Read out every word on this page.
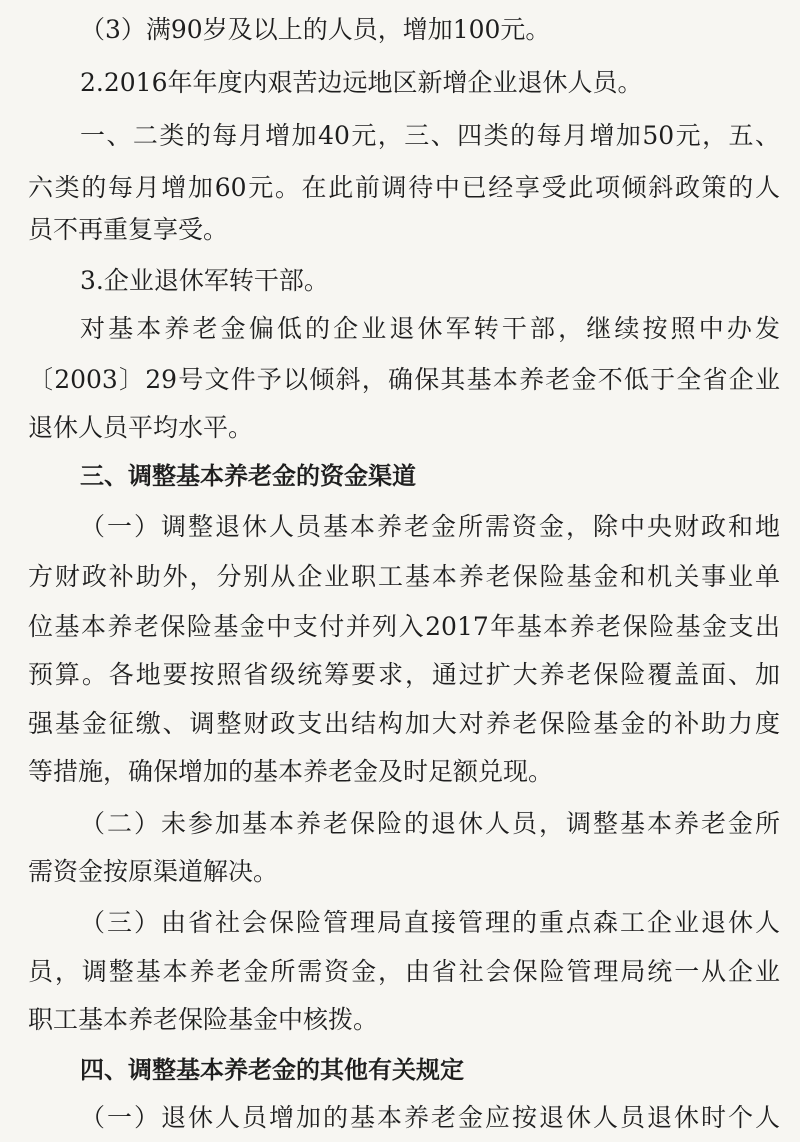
（3）满90岁及以上的人员，增加100元。
2.2016年年度内艰苦边远地区新增企业退休人员。
一、二类的每月增加40元，三、四类的每月增加50元，五、
六类的每月增加60元。在此前调待中已经享受此项倾斜政策的人
员不再重复享受。
3.企业退休军转干部。
对基本养老金偏低的企业退休军转干部，继续按照中办发
〔2003〕29号文件予以倾斜，确保其基本养老金不低于全省企业
退休人员平均水平。
三、调整基本养老金的资金渠道
（一）调整退休人员基本养老金所需资金，除中央财政和地
方财政补助外，分别从企业职工基本养老保险基金和机关事业单
位基本养老保险基金中支付并列入2017年基本养老保险基金支出
预算。各地要按照省级统筹要求，通过扩大养老保险覆盖面、加
强基金征缴、调整财政支出结构加大对养老保险基金的补助力度
等措施，确保增加的基本养老金及时足额兑现。
（二）未参加基本养老保险的退休人员，调整基本养老金所
需资金按原渠道解决。
（三）由省社会保险管理局直接管理的重点森工企业退休人
员，调整基本养老金所需资金，由省社会保险管理局统一从企业
职工基本养老保险基金中核拨。
四、调整基本养老金的其他有关规定
（一）退休人员增加的基本养老金应按退休人员退休时个人
